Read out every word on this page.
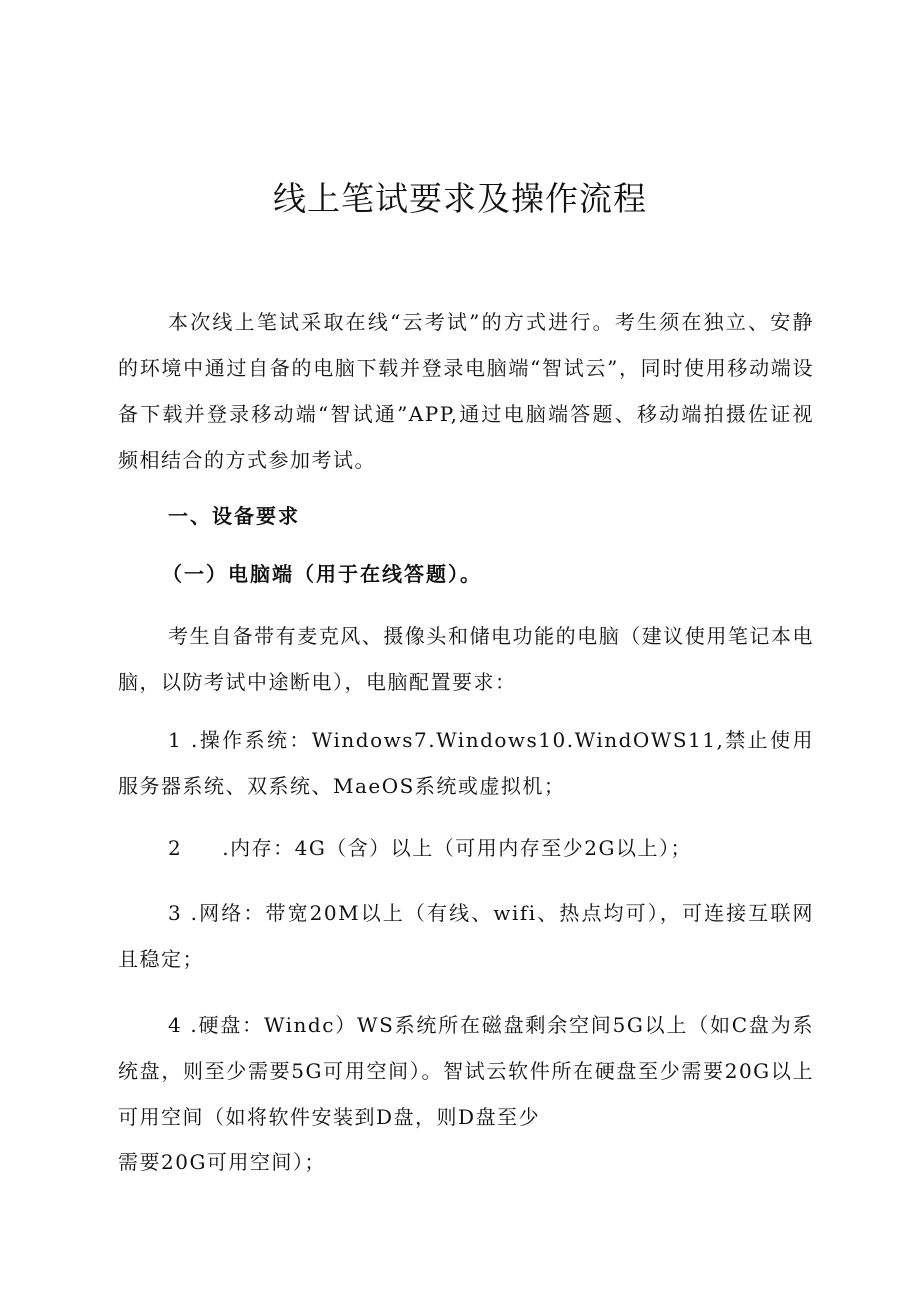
线上笔试要求及操作流程
本次线上笔试采取在线“云考试”的方式进行。考生须在独立、安静的环境中通过自备的电脑下载并登录电脑端“智试云”，同时使用移动端设备下载并登录移动端“智试通”APP,通过电脑端答题、移动端拍摄佐证视频相结合的方式参加考试。
一、设备要求
（一）电脑端（用于在线答题）。
考生自备带有麦克风、摄像头和储电功能的电脑（建议使用笔记本电脑，以防考试中途断电），电脑配置要求：
1 .操作系统：Windows7.Windows10.WindOWS11,禁止使用服务器系统、双系统、MaeOS系统或虚拟机；
2 .内存：4G（含）以上（可用内存至少2G以上）；
3 .网络：带宽20M以上（有线、wifi、热点均可），可连接互联网且稳定；
4 .硬盘：Windc）WS系统所在磁盘剩余空间5G以上（如C盘为系统盘，则至少需要5G可用空间）。智试云软件所在硬盘至少需要20G以上可用空间（如将软件安装到D盘，则D盘至少
需要20G可用空间）；
